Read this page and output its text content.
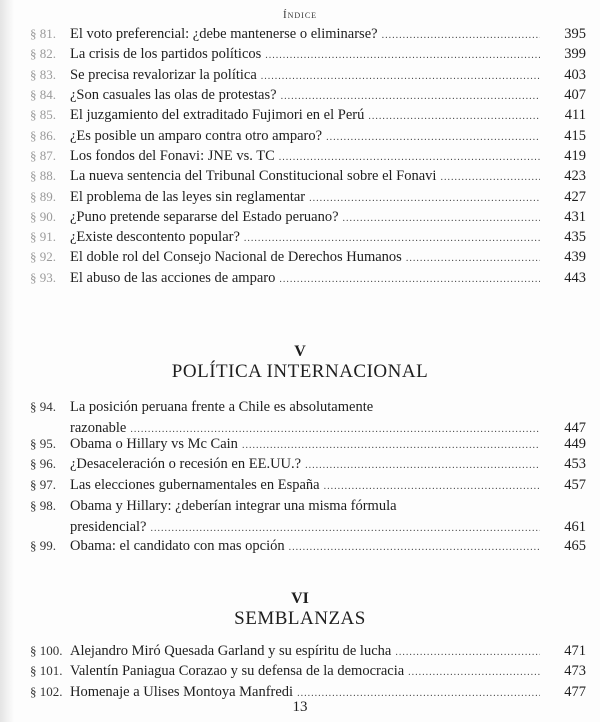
Índice
§ 81. El voto preferencial: ¿debe mantenerse o eliminarse? .....	395
§ 82. La crisis de los partidos políticos .....	399
§ 83. Se precisa revalorizar la política .....	403
§ 84. ¿Son casuales las olas de protestas? .....	407
§ 85. El juzgamiento del extraditado Fujimori en el Perú .....	411
§ 86. ¿Es posible un amparo contra otro amparo? .....	415
§ 87. Los fondos del Fonavi: JNE vs. TC .....	419
§ 88. La nueva sentencia del Tribunal Constitucional sobre el Fonavi .....	423
§ 89. El problema de las leyes sin reglamentar .....	427
§ 90. ¿Puno pretende separarse del Estado peruano? .....	431
§ 91. ¿Existe descontento popular? .....	435
§ 92. El doble rol del Consejo Nacional de Derechos Humanos .....	439
§ 93. El abuso de las acciones de amparo .....	443
V
POLÍTICA INTERNACIONAL
§ 94. La posición peruana frente a Chile es absolutamente
razonable .....	447
§ 95. Obama o Hillary vs Mc Cain .....	449
§ 96. ¿Desaceleración o recesión en EE.UU.? .....	453
§ 97. Las elecciones gubernamentales en España .....	457
§ 98. Obama y Hillary: ¿deberían integrar una misma fórmula
presidencial? .....	461
§ 99. Obama: el candidato con mas opción .....	465
VI
SEMBLANZAS
§ 100. Alejandro Miró Quesada Garland y su espíritu de lucha .....	471
§ 101. Valentín Paniagua Corazao y su defensa de la democracia .....	473
§ 102. Homenaje a Ulises Montoya Manfredi .....	477
13
